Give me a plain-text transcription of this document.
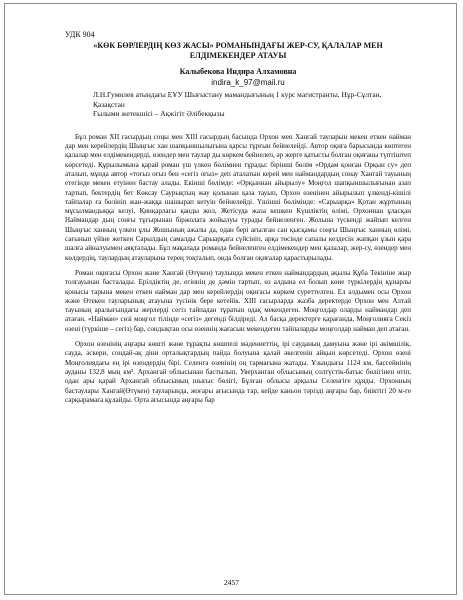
УДК 904
«КӨК БӨРЛЕРДІҢ КӨЗ ЖАСЫ» РОМАНЫНДАҒЫ ЖЕР-СУ, ҚАЛАЛАР МЕН ЕЛДІМЕКЕНДЕР АТАУЫ
Калыбекова Индира Алхамовна
indira_k_97@mail.ru

Л.Н.Гумилев атындағы ЕҰУ Шығыстану мамандығының 1 курс магистранты, Нұр-Сұлтан, Қазақстан

Ғылыми жетекшісі – Ақжігіт Әлібекқызы

Бұл роман XII ғасырдың соңы мен XIII ғасырдың басында Орхон мен Хангай тауларын мекен еткен найман дар мен керейлердің Шыңғыс хан шапқыншылығына қарсы тұрғын бейнелейді. Автор оқиға барысында көптеген қалалар мен елдімекендерді, өзендер мен таулар ды көркем бейнелеп, әр жерге қатысты болған оқиғаны түптіштеп көрсетеді. Құрылымына қарай роман үш үлкен бөлімнен тұрады: бірінші бөлім «Ордам қонған Орқын су» деп аталып, мұнда автор «тоғыз оғыз бен «сегіз оғыз» деп аталатын керей мен наймандардың сонау Хангай тауының етегінде мекен етуінен бастау алады. Екінші бөлімде: «Орқыннан айырылу» Моңғол шапқыншылығынан азап тартып, бектердің бет Көксау Саурықтың жау қолынан қаза тауып, Орхон өзенінен айырылып ұлкенді-кішілі тайпалар ға бөлініп жан-жаққа шашырап кетуін бейнелейді. Үшінші бөлімінде: «Сарыарқа» Қотан жұртының мұсылмандыққа келуі, Қинқарлағы қанды жол, Жетісуда жаза кешкен Күшліктің өлімі, Орхоннан ұласқан Наймандар дың сонғы тұғырынан біржолата жойылуы турады бейнеленген. Жолына түскенді жайпап келген Шыңғыс ханның үлкен ұлы Жошының ажалы да, одан бері ағылған сан қысқамы соңғы Шыңғыс ханның өлімі, сағынып үйіне жеткен Сарылдың самалды Сарыарқаға сүйсініп, арқа төсінде сапалы кездесін жапқан ұзын қара шалға айналуымен аяқталады. Бұл мақалада романда бейнеленген елдімекендер мен қалалар, жер-су, өзендер мен көлдердің, таулардың атауларына терең тоқталып, онда болған оқиғалар қарастырылады.

Роман оқиғасы Орхон және Хангай (Өтүкен) таулында мекен еткен наймандардың ақылы Құба Текініне жыр толғауынан басталады. Ерілдіктің де, егіннің де дәмін тартып, өз алдына ел болып көне түркілердің құнарлы қонысы тарына мекен еткен найман дар мен керейлердің оқиғасы көркем суреттелген. Ел алдымен осы Орхон және Өтекен тауларының атауына түсінік бере кетейік. XIII ғасырларда жазба деректерде Орхон мен Алтай тауының аралығындағы жерлерді сегіз тайпадан тұратын одақ мекендеген. Моңғолдар оларды наймандар деп атаған. «Найман» сөзі моңғол тілінде «сегіз» дегенді білдіреді. Ал басқа деректерге қарағанда, Моңғолияға Секіз өзені (түркіше – сегіз) бар, сондықтан осы өзеннің жағасын мекендеген тайпаларды моңғолдар найман деп атаған.

Орхон өзенінің аңғары көшті және тұрақты көшпелі мәдениеттің, ірі сауданың дамуына және ірі әкімшілік, сауда, әскери, сондай-ақ діни орталықтардың пайда болуына қалай әкелгенін айқын көрсетеді. Орхон өзені Моңғолиядағы ең ірі өзендердің бірі. Селенга өзенінің оң тармағына жатады. Ұзындығы 1124 км, бассейнінің ауданы 132,8 мың км². Архангай облысынан бастылып, Уверханган облысының солтүстік-батыс бөлігінен өтіп, одан ары қарай Архангай облысының шығыс бөлігі, Бұлған облысы арқылы Селенгіге құяды. Орхонның бастаулары Хангай(Өтүкен) тауларында, жоғары ағысында тар, кейде каньон тәрізді аңғары бар, биіктігі 20 м-ге сарқырамаға құлайды. Орта ағысында аңғары бар

2457
